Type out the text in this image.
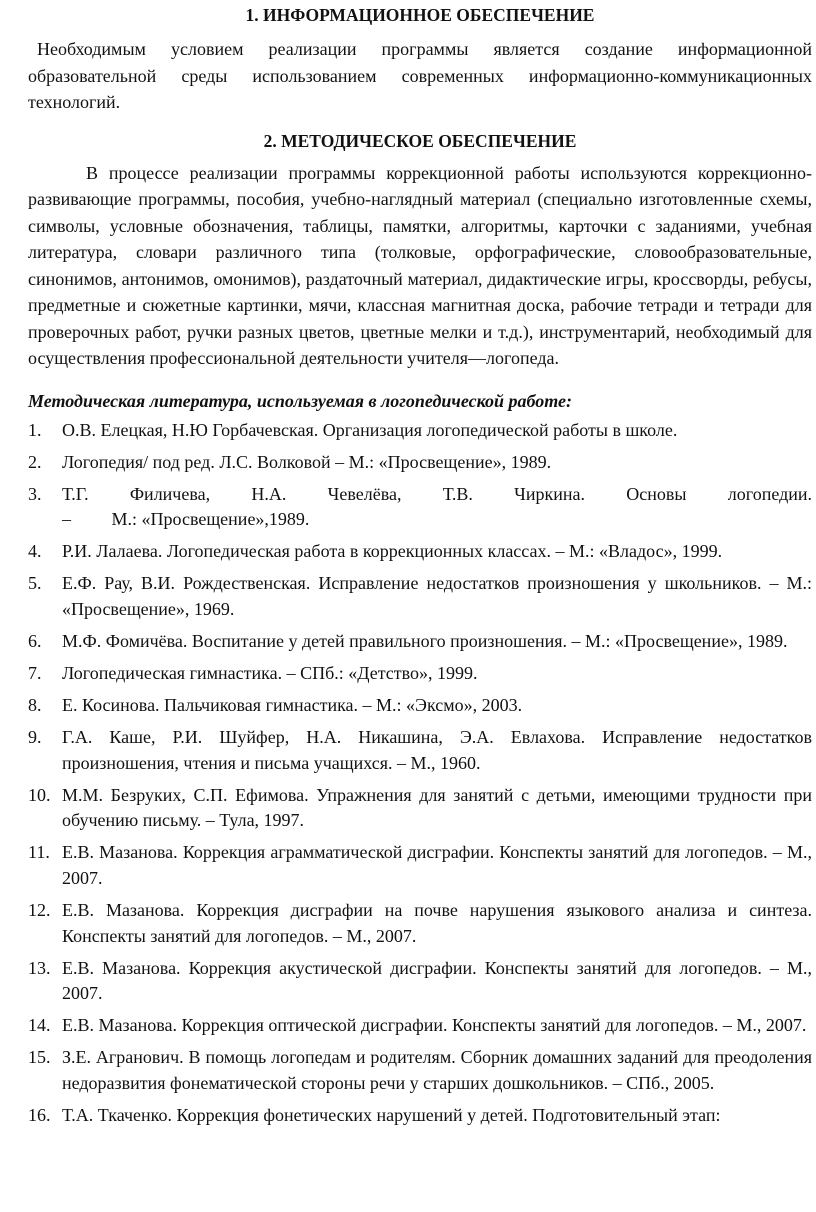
1. ИНФОРМАЦИОННОЕ ОБЕСПЕЧЕНИЕ

Необходимым условием реализации программы является создание информационной образовательной среды использованием современных информационно-коммуникационных технологий.

2. МЕТОДИЧЕСКОЕ ОБЕСПЕЧЕНИЕ

В процессе реализации программы коррекционной работы используются коррекционно-развивающие программы, пособия, учебно-наглядный материал (специально изготовленные схемы, символы, условные обозначения, таблицы, памятки, алгоритмы, карточки с заданиями, учебная литература, словари различного типа (толковые, орфографические, словообразовательные, синонимов, антонимов, омонимов), раздаточный материал, дидактические игры, кроссворды, ребусы, предметные и сюжетные картинки, мячи, классная магнитная доска, рабочие тетради и тетради для проверочных работ, ручки разных цветов, цветные мелки и т.д.), инструментарий, необходимый для осуществления профессиональной деятельности учителя—логопеда.

Методическая литература, используемая в логопедической работе:
1. О.В. Елецкая, Н.Ю Горбачевская. Организация логопедической работы в школе.
2. Логопедия/ под ред. Л.С. Волковой – М.: «Просвещение», 1989.
3. Т.Г. Филичева, Н.А. Чевелёва, Т.В. Чиркина. Основы логопедии.
–         М.: «Просвещение»,1989.
4. Р.И. Лалаева. Логопедическая работа в коррекционных классах. – М.: «Владос», 1999.
5. Е.Ф. Рау, В.И. Рождественская. Исправление недостатков произношения у школьников. – М.: «Просвещение», 1969.
6. М.Ф. Фомичёва. Воспитание у детей правильного произношения. – М.: «Просвещение», 1989.
7. Логопедическая гимнастика. – СПб.: «Детство», 1999.
8. Е. Косинова. Пальчиковая гимнастика. – М.: «Эксмо», 2003.
9. Г.А. Каше, Р.И. Шуйфер, Н.А. Никашина, Э.А. Евлахова. Исправление недостатков произношения, чтения и письма учащихся. – М., 1960.
10. М.М. Безруких, С.П. Ефимова. Упражнения для занятий с детьми, имеющими трудности при обучению письму. – Тула, 1997.
11. Е.В. Мазанова. Коррекция аграмматической дисграфии. Конспекты занятий для логопедов. – М., 2007.
12. Е.В. Мазанова. Коррекция дисграфии на почве нарушения языкового анализа и синтеза. Конспекты занятий для логопедов. – М., 2007.
13. Е.В. Мазанова. Коррекция акустической дисграфии. Конспекты занятий для логопедов. – М., 2007.
14. Е.В. Мазанова. Коррекция оптической дисграфии. Конспекты занятий для логопедов. – М., 2007.
15. З.Е. Агранович. В помощь логопедам и родителям. Сборник домашних заданий для преодоления недоразвития фонематической стороны речи у старших дошкольников. – СПб., 2005.
16. Т.А. Ткаченко. Коррекция фонетических нарушений у детей. Подготовительный этап:
